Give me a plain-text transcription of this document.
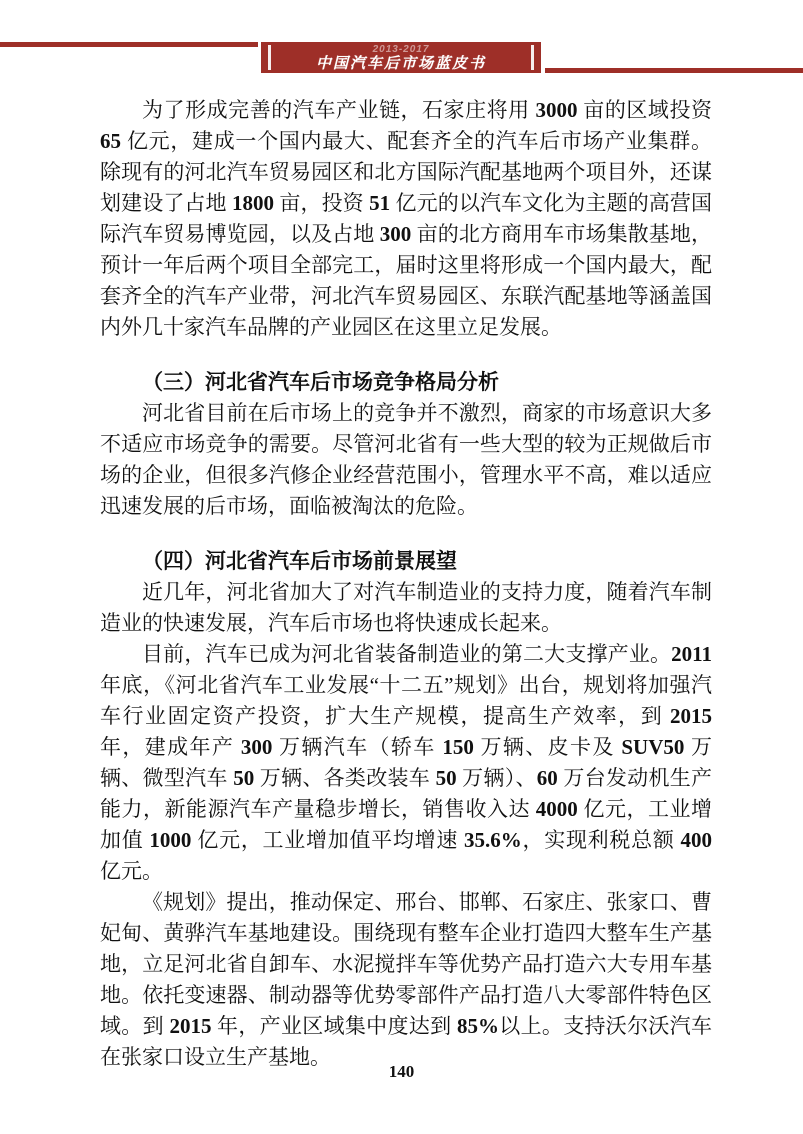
2013-2017
中国汽车后市场蓝皮书

为了形成完善的汽车产业链，石家庄将用 3000 亩的区域投资 65 亿元，建成一个国内最大、配套齐全的汽车后市场产业集群。除现有的河北汽车贸易园区和北方国际汽配基地两个项目外，还谋划建设了占地 1800 亩，投资 51 亿元的以汽车文化为主题的高营国际汽车贸易博览园，以及占地 300 亩的北方商用车市场集散基地，预计一年后两个项目全部完工，届时这里将形成一个国内最大，配套齐全的汽车产业带，河北汽车贸易园区、东联汽配基地等涵盖国内外几十家汽车品牌的产业园区在这里立足发展。

（三）河北省汽车后市场竞争格局分析

河北省目前在后市场上的竞争并不激烈，商家的市场意识大多不适应市场竞争的需要。尽管河北省有一些大型的较为正规做后市场的企业，但很多汽修企业经营范围小，管理水平不高，难以适应迅速发展的后市场，面临被淘汰的危险。

（四）河北省汽车后市场前景展望

近几年，河北省加大了对汽车制造业的支持力度，随着汽车制造业的快速发展，汽车后市场也将快速成长起来。

目前，汽车已成为河北省装备制造业的第二大支撑产业。2011 年底，《河北省汽车工业发展“十二五”规划》出台，规划将加强汽车行业固定资产投资，扩大生产规模，提高生产效率，到 2015 年，建成年产 300 万辆汽车（轿车 150 万辆、皮卡及 SUV50 万辆、微型汽车 50 万辆、各类改装车 50 万辆）、60 万台发动机生产能力，新能源汽车产量稳步增长，销售收入达 4000 亿元，工业增加值 1000 亿元，工业增加值平均增速 35.6%，实现利税总额 400 亿元。

《规划》提出，推动保定、邢台、邯郸、石家庄、张家口、曹妃甸、黄骅汽车基地建设。围绕现有整车企业打造四大整车生产基地，立足河北省自卸车、水泥搅拌车等优势产品打造六大专用车基地。依托变速器、制动器等优势零部件产品打造八大零部件特色区域。到 2015 年，产业区域集中度达到 85%以上。支持沃尔沃汽车在张家口设立生产基地。

140
